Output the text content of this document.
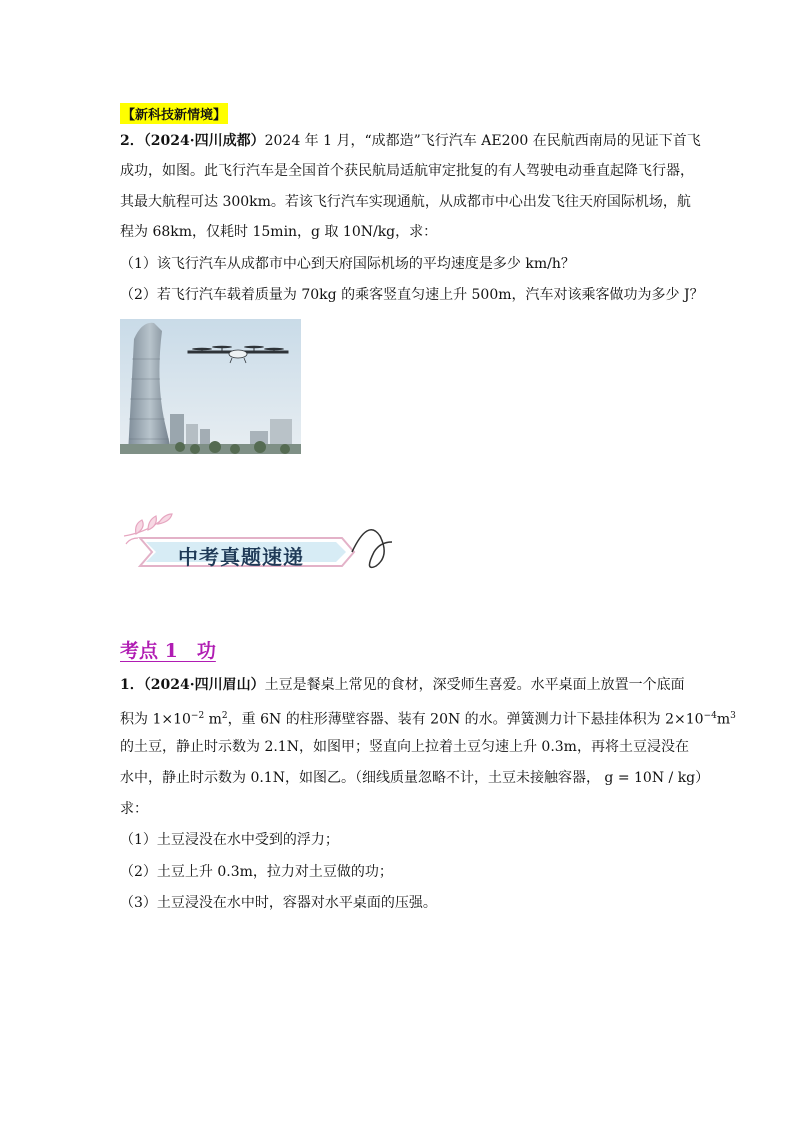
【新科技新情境】
2．（2024·四川成都）2024 年 1 月，“成都造”飞行汽车 AE200 在民航西南局的见证下首飞
成功，如图。此飞行汽车是全国首个获民航局适航审定批复的有人驾驶电动垂直起降飞行器，
其最大航程可达 300km。若该飞行汽车实现通航，从成都市中心出发飞往天府国际机场，航
程为 68km，仅耗时 15min，g 取 10N/kg，求：
（1）该飞行汽车从成都市中心到天府国际机场的平均速度是多少 km/h？
（2）若飞行汽车载着质量为 70kg 的乘客竖直匀速上升 500m，汽车对该乘客做功为多少 J？
中考真题速递
考点 1　功
1．（2024·四川眉山）土豆是餐桌上常见的食材，深受师生喜爱。水平桌面上放置一个底面
积为 $1\times 10^{-2}$ $m^2$，重 6N 的柱形薄壁容器、装有 20N 的水。弹簧测力计下悬挂体积为 $2\times 10^{-4}m^3$
的土豆，静止时示数为 2.1N，如图甲；竖直向上拉着土豆匀速上升 0.3m，再将土豆浸没在
水中，静止时示数为 0.1N，如图乙。（细线质量忽略不计，土豆未接触容器， g = 10N / kg）
求：
（1）土豆浸没在水中受到的浮力；
（2）土豆上升 0.3m，拉力对土豆做的功；
（3）土豆浸没在水中时，容器对水平桌面的压强。
